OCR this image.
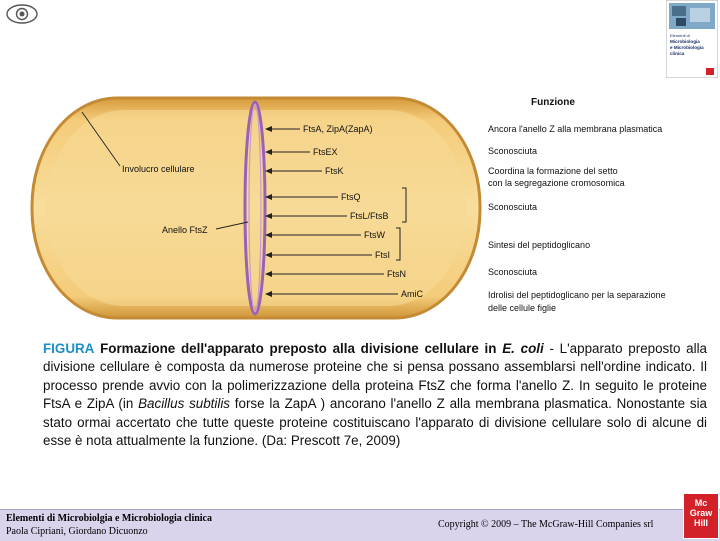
Elementi di
Microbiologia
e Microbiologia
clinica
Involucro cellulare
Anello FtsZ
FtsA, ZipA(ZapA)
FtsEX
FtsK
FtsQ
FtsL/FtsB
FtsW
FtsI
FtsN
AmiC
Funzione
Ancora l'anello Z alla membrana plasmatica
Sconosciuta
Coordina la formazione del setto
con la segregazione cromosomica
Sconosciuta
Sintesi del peptidoglicano
Sconosciuta
Idrolisi del peptidoglicano per la separazione
delle cellule figlie

FIGURA Formazione dell'apparato preposto alla divisione cellulare in E. coli - L'apparato preposto alla divisione cellulare è composta da numerose proteine che si pensa possano assemblarsi nell'ordine indicato. Il processo prende avvio con la polimerizzazione della proteina FtsZ che forma l'anello Z. In seguito le proteine FtsA e ZipA (in Bacillus subtilis forse la ZapA ) ancorano l'anello Z alla membrana plasmatica. Nonostante sia stato ormai accertato che tutte queste proteine costituiscano l'apparato di divisione cellulare solo di alcune di esse è nota attualmente la funzione. (Da: Prescott 7e, 2009)

Elementi di Microbiolgia e Microbiologia clinica
Paola Cipriani, Giordano Dicuonzo
Copyright © 2009 – The McGraw-Hill Companies srl
Mc
Graw
Hill
